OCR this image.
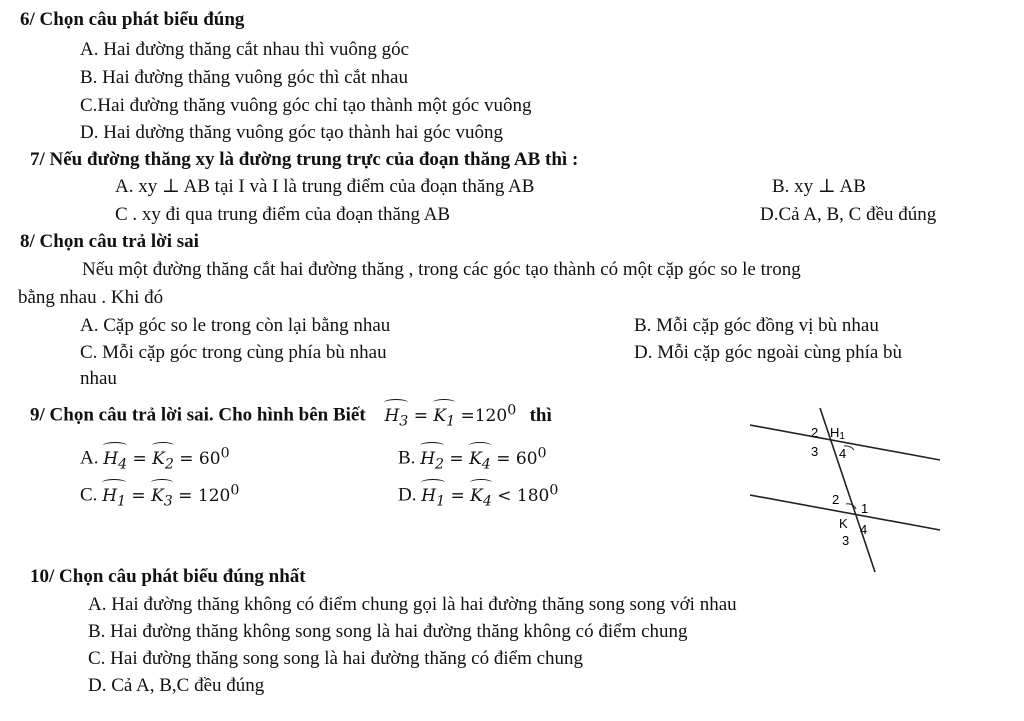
6/ Chọn câu phát biểu đúng
A. Hai đường thăng cắt nhau thì vuông góc
B. Hai đường thăng vuông góc thì cắt nhau
C.Hai đường thăng vuông góc chỉ tạo thành một góc vuông
D. Hai dường thăng vuông góc tạo thành hai góc vuông
7/ Nếu đường thăng xy là đường trung trực của đoạn thăng AB thì :
A. xy ⊥ AB tại I và I là trung điểm của đoạn thăng AB	B. xy ⊥ AB
C . xy đi qua trung điểm của đoạn thăng AB	D.Cả A, B, C đều đúng
8/ Chọn câu trả lời sai
Nếu một đường thăng cắt hai đường thăng , trong các góc tạo thành có một cặp góc so le trong
bằng nhau . Khi đó
A. Cặp góc so le trong còn lại bằng nhau	B. Mỗi cặp góc đồng vị bù nhau
C. Mỗi cặp góc trong cùng phía bù nhau	D. Mỗi cặp góc ngoài cùng phía bù
nhau
9/ Chọn câu trả lời sai. Cho hình bên Biết $H_3 = K_1 =120^0$ thì
A. $H_4 = K_2 = 60^0$	B. $H_2 = K_4 = 60^0$
C. $H_1 = K_3 = 120^0$	D. $H_1 = K_4 < 180^0$
2 H1
3 4
2
1
K 4
3
10/ Chọn câu phát biểu đúng nhất
A. Hai đường thăng không có điểm chung gọi là hai đường thăng song song với nhau
B. Hai đường thăng không song song là hai đường thăng không có điểm chung
C. Hai đường thăng song song là hai đường thăng có điểm chung
D. Cả A, B,C đều đúng
